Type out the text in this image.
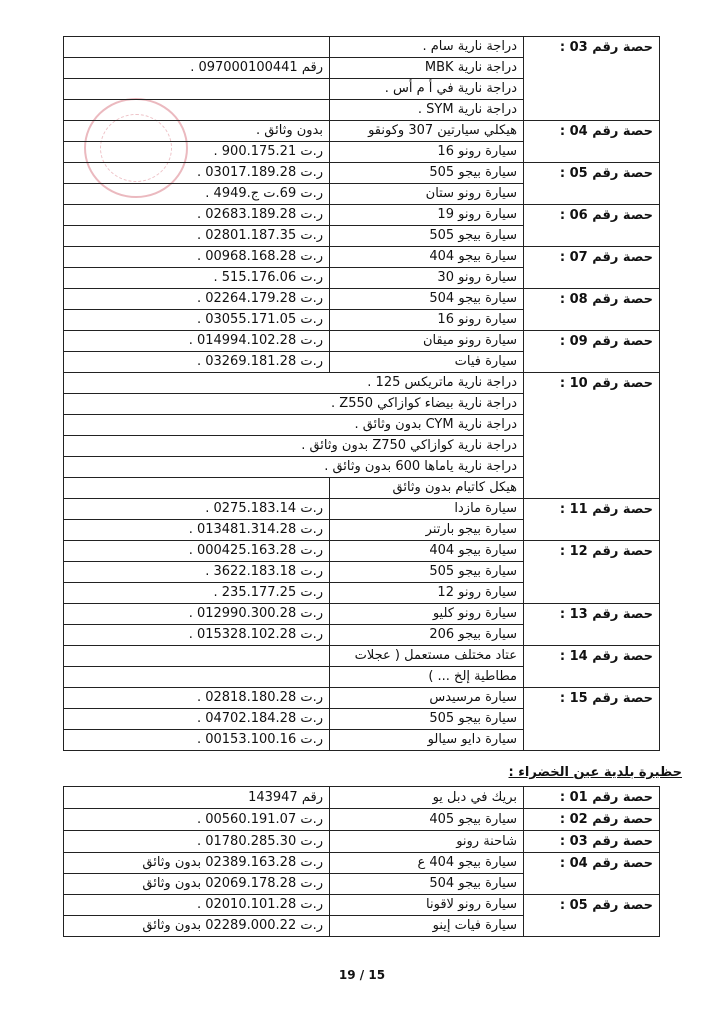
حصة رقم 03 :	دراجة نارية سام .	
	دراجة نارية MBK	رقم 097000100441 .
	دراجة نارية في أ م أس .	
	دراجة نارية SYM .	
حصة رقم 04 :	هيكلي سيارتين 307 وكونقو	بدون وثائق .
	سيارة رونو 16	ر.ت 900.175.21 .
حصة رقم 05 :	سيارة بيجو 505	ر.ت 03017.189.28 .
	سيارة رونو ستان	ر.ت 69.ت ج.4949 .
حصة رقم 06 :	سيارة رونو 19	ر.ت 02683.189.28 .
	سيارة بيجو 505	ر.ت 02801.187.35 .
حصة رقم 07 :	سيارة بيجو 404	ر.ت 00968.168.28 .
	سيارة رونو 30	ر.ت 515.176.06 .
حصة رقم 08 :	سيارة بيجو 504	ر.ت 02264.179.28 .
	سيارة رونو 16	ر.ت 03055.171.05 .
حصة رقم 09 :	سيارة رونو ميقان	ر.ت 014994.102.28 .
	سيارة فيات	ر.ت 03269.181.28 .
حصة رقم 10 :	دراجة نارية ماتريكس 125 .	
	دراجة نارية بيضاء كوازاكي Z550 .	
	دراجة نارية CYM بدون وثائق .	
	دراجة نارية كوازاكي Z750 بدون وثائق .	
	دراجة نارية ياماها 600 بدون وثائق .	
	هيكل كاتيام بدون وثائق	
حصة رقم 11 :	سيارة مازدا	ر.ت 0275.183.14 .
	سيارة بيجو بارتنر	ر.ت 013481.314.28 .
حصة رقم 12 :	سيارة بيجو 404	ر.ت 000425.163.28 .
	سيارة بيجو 505	ر.ت 3622.183.18 .
	سيارة رونو 12	ر.ت 235.177.25 .
حصة رقم 13 :	سيارة رونو كليو	ر.ت 012990.300.28 .
	سيارة بيجو 206	ر.ت 015328.102.28 .
حصة رقم 14 :	عتاد مختلف مستعمل ( عجلات	
	مطاطية إلخ ... )	
حصة رقم 15 :	سيارة مرسيدس	ر.ت 02818.180.28 .
	سيارة بيجو 505	ر.ت 04702.184.28 .
	سيارة دايو سيالو	ر.ت 00153.100.16 .
حظيرة بلدية عين الخضراء :
حصة رقم 01 :	بريك في دبل يو	رقم 143947
حصة رقم 02 :	سيارة بيجو 405	ر.ت 00560.191.07 .
حصة رقم 03 :	شاحنة رونو	ر.ت 01780.285.30 .
حصة رقم 04 :	سيارة بيجو 404 ع	ر.ت 02389.163.28 بدون وثائق
	سيارة بيجو 504	ر.ت 02069.178.28 بدون وثائق
حصة رقم 05 :	سيارة رونو لاقونا	ر.ت 02010.101.28 .
	سيارة فيات إينو	ر.ت 02289.000.22 بدون وثائق
19 / 15
